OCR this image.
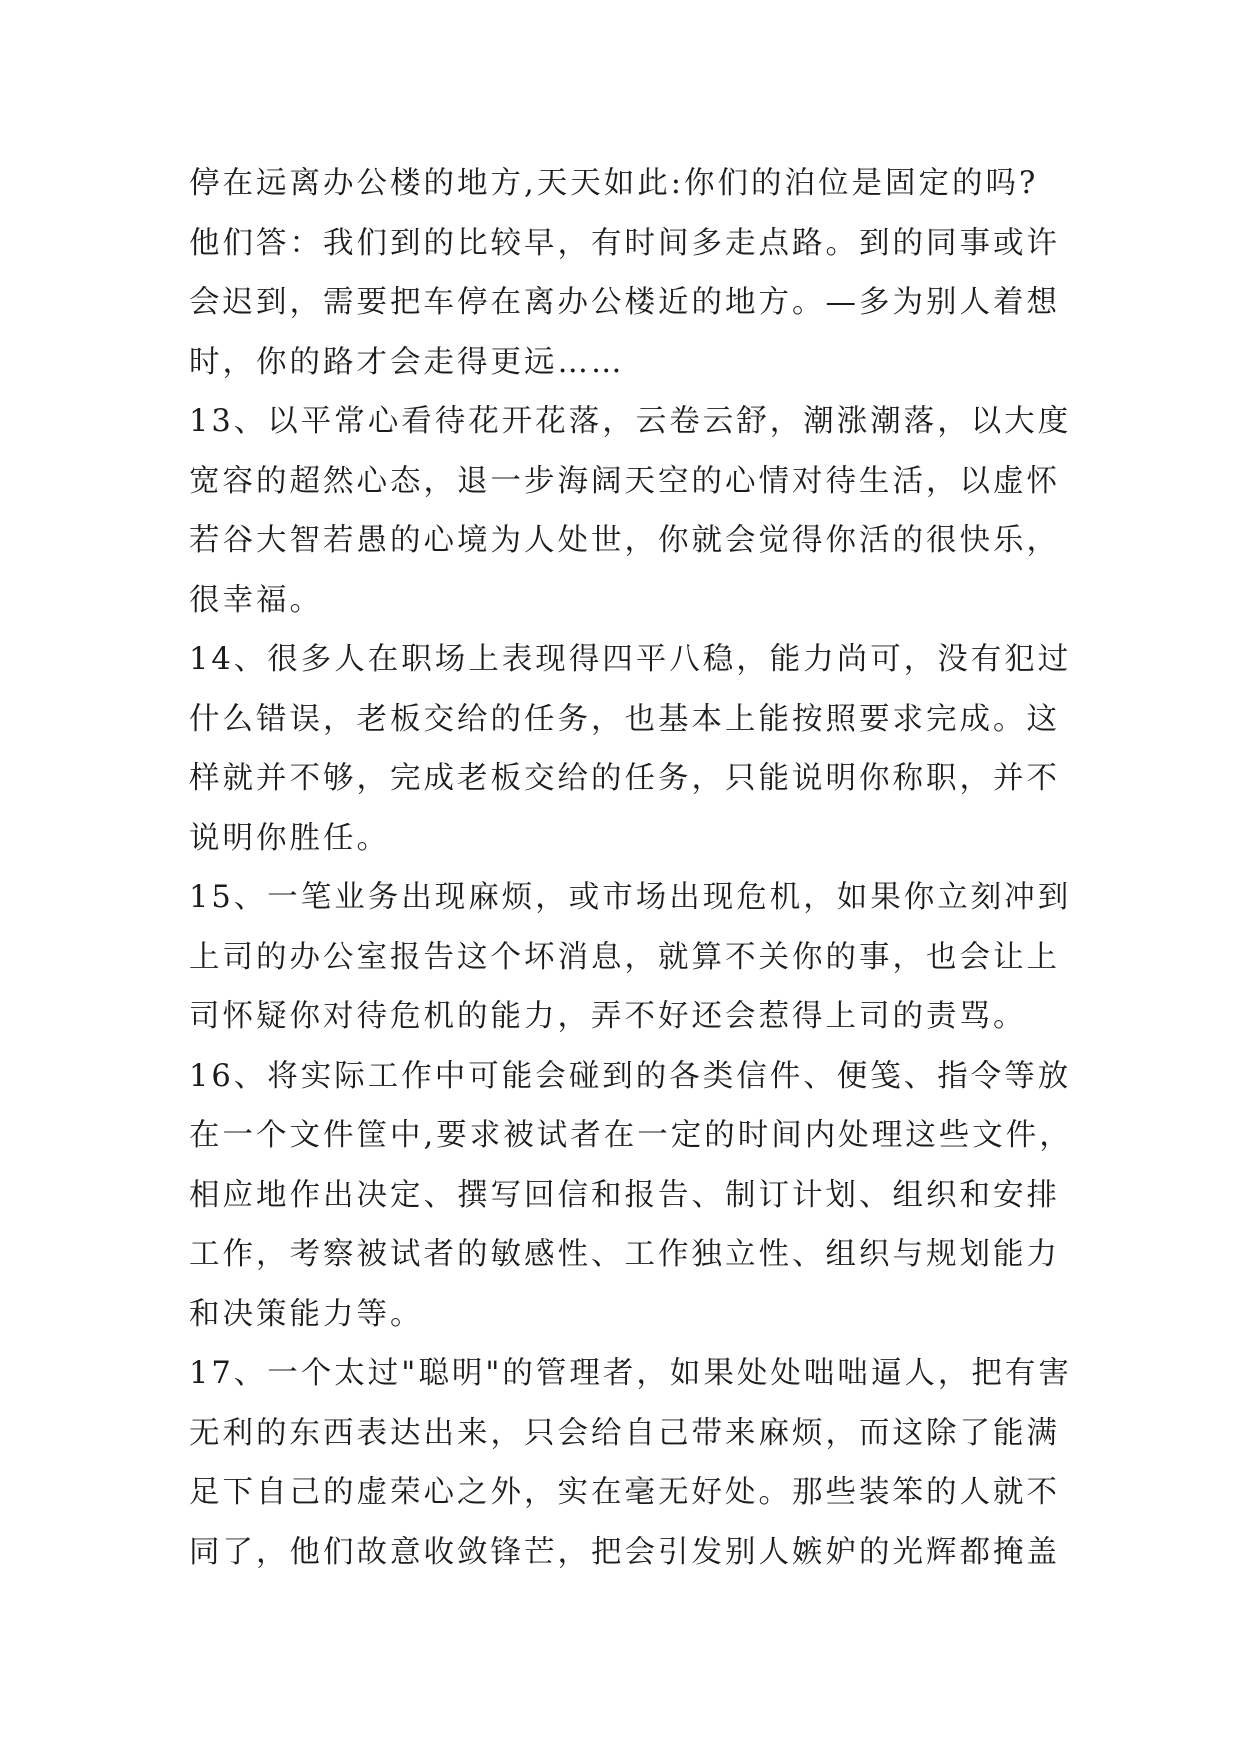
停在远离办公楼的地方,天天如此:你们的泊位是固定的吗?
他们答：我们到的比较早，有时间多走点路。到的同事或许
会迟到，需要把车停在离办公楼近的地方。—多为别人着想
时，你的路才会走得更远……
13、以平常心看待花开花落，云卷云舒，潮涨潮落，以大度
宽容的超然心态，退一步海阔天空的心情对待生活，以虚怀
若谷大智若愚的心境为人处世，你就会觉得你活的很快乐，
很幸福。
14、很多人在职场上表现得四平八稳，能力尚可，没有犯过
什么错误，老板交给的任务，也基本上能按照要求完成。这
样就并不够，完成老板交给的任务，只能说明你称职，并不
说明你胜任。
15、一笔业务出现麻烦，或市场出现危机，如果你立刻冲到
上司的办公室报告这个坏消息，就算不关你的事，也会让上
司怀疑你对待危机的能力，弄不好还会惹得上司的责骂。
16、将实际工作中可能会碰到的各类信件、便笺、指令等放
在一个文件筐中,要求被试者在一定的时间内处理这些文件，
相应地作出决定、撰写回信和报告、制订计划、组织和安排
工作，考察被试者的敏感性、工作独立性、组织与规划能力
和决策能力等。
17、一个太过"聪明"的管理者，如果处处咄咄逼人，把有害
无利的东西表达出来，只会给自己带来麻烦，而这除了能满
足下自己的虚荣心之外，实在毫无好处。那些装笨的人就不
同了，他们故意收敛锋芒，把会引发别人嫉妒的光辉都掩盖
